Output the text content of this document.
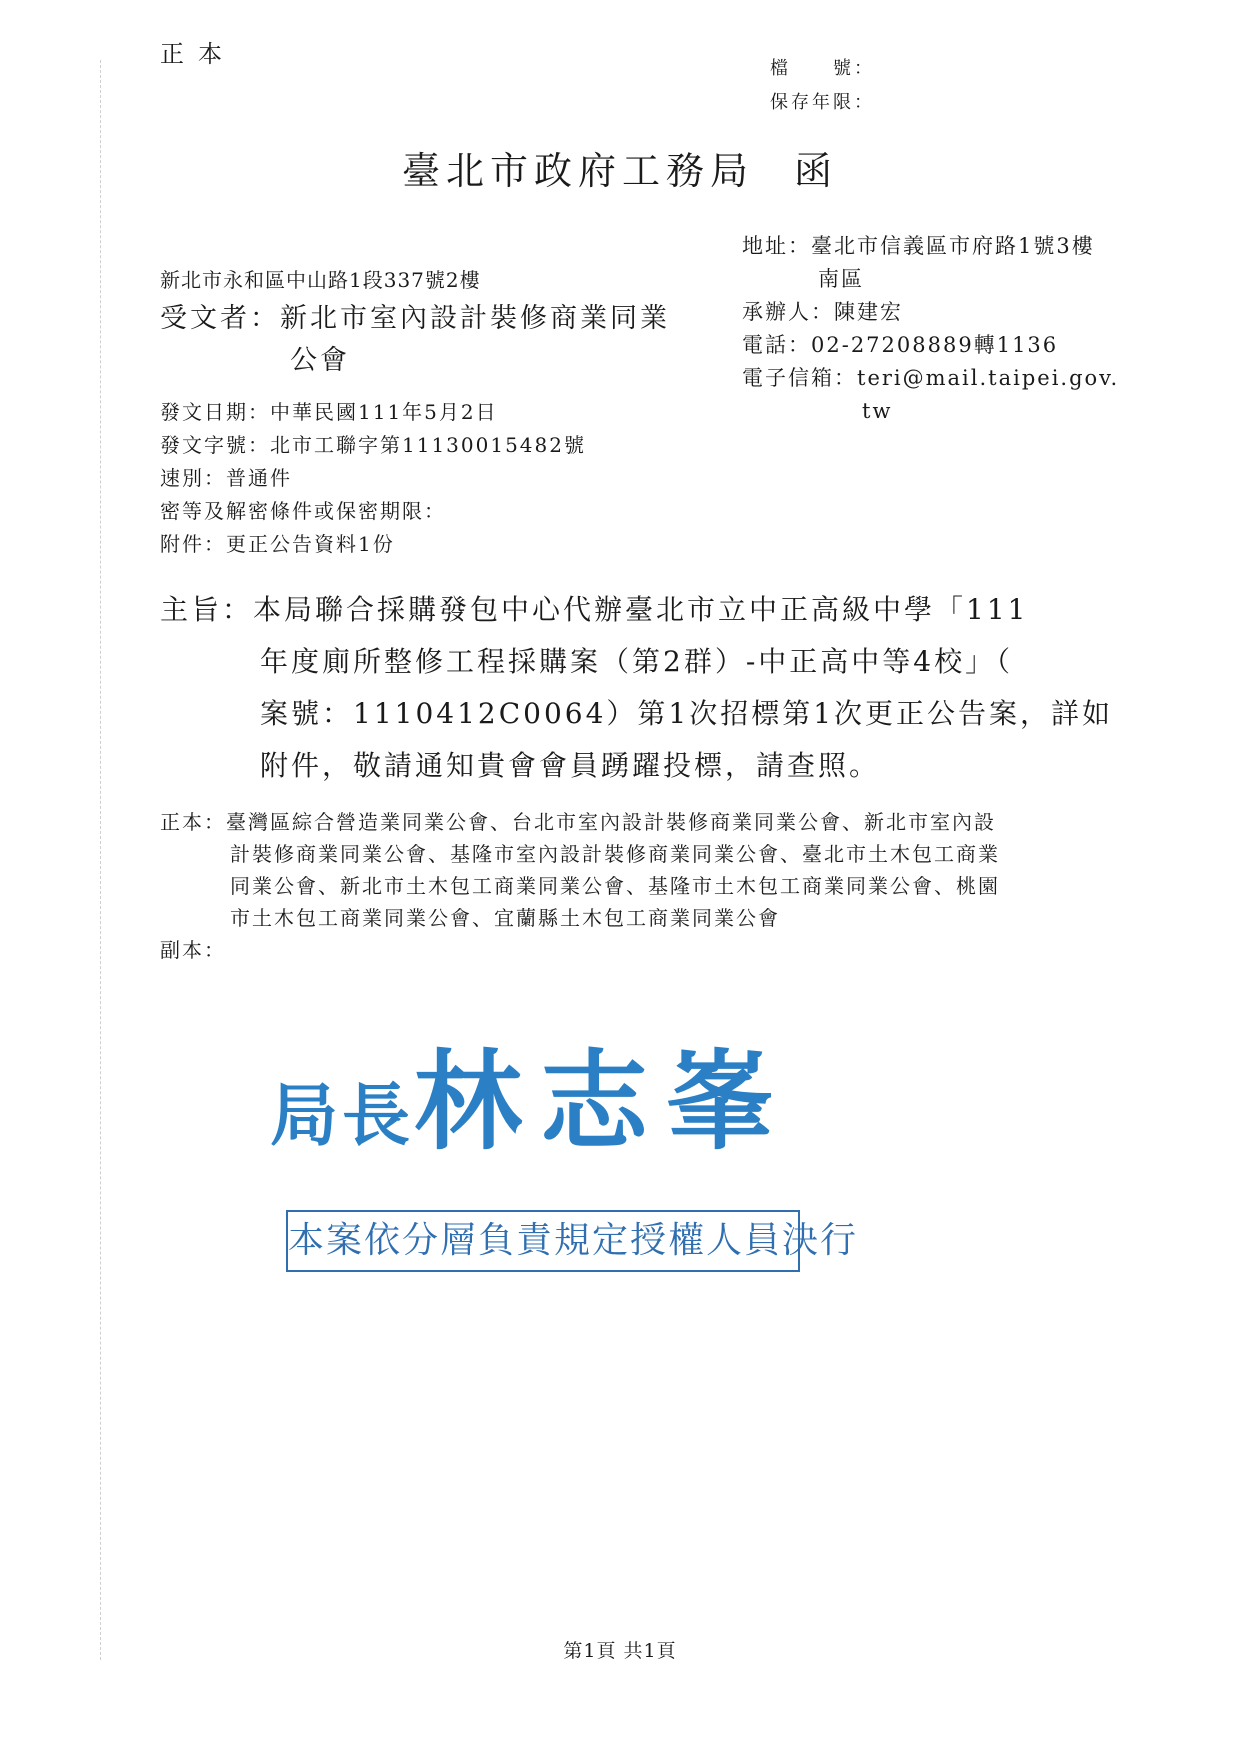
正本
檔　　號：
保存年限：
臺北市政府工務局 函
地址：臺北市信義區市府路1號3樓
南區
承辦人：陳建宏
電話：02-27208889轉1136
電子信箱：teri@mail.taipei.gov.
tw
新北市永和區中山路1段337號2樓
受文者：新北市室內設計裝修商業同業
公會
發文日期：中華民國111年5月2日
發文字號：北市工聯字第11130015482號
速別：普通件
密等及解密條件或保密期限：
附件：更正公告資料1份
主旨：本局聯合採購發包中心代辦臺北市立中正高級中學「111
年度廁所整修工程採購案（第2群）-中正高中等4校」（
案號：1110412C0064）第1次招標第1次更正公告案，詳如
附件，敬請通知貴會會員踴躍投標，請查照。
正本：臺灣區綜合營造業同業公會、台北市室內設計裝修商業同業公會、新北市室內設
計裝修商業同業公會、基隆市室內設計裝修商業同業公會、臺北市土木包工商業
同業公會、新北市土木包工商業同業公會、基隆市土木包工商業同業公會、桃園
市土木包工商業同業公會、宜蘭縣土木包工商業同業公會
副本：
局長林志峯
本案依分層負責規定授權人員決行
第1頁 共1頁
